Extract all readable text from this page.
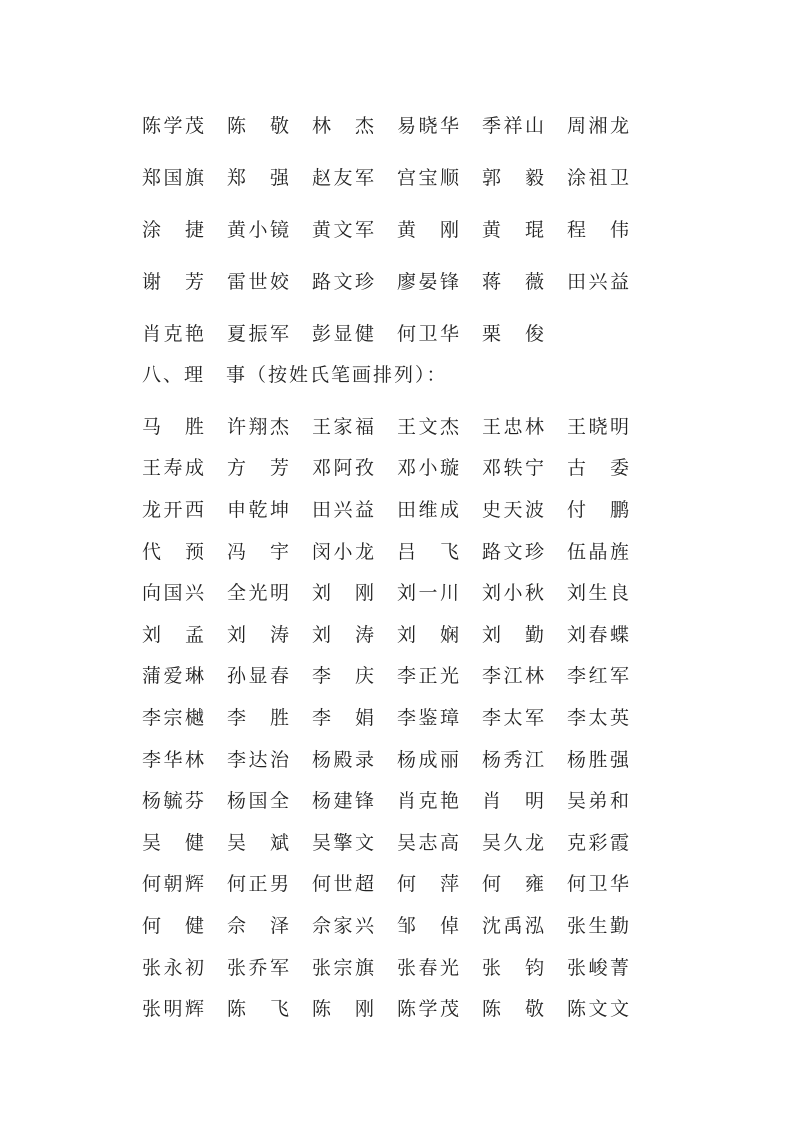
陈学茂 陈 敬 林 杰 易晓华 季祥山 周湘龙
郑国旗 郑 强 赵友军 宫宝顺 郭 毅 涂祖卫
涂 捷 黄小镜 黄文军 黄 刚 黄 琨 程 伟
谢 芳 雷世姣 路文珍 廖晏锋 蒋 薇 田兴益
肖克艳 夏振军 彭显健 何卫华 栗 俊
八、理　事（按姓氏笔画排列）：
马 胜 许翔杰 王家福 王文杰 王忠林 王晓明
王寿成 方 芳 邓阿孜 邓小璇 邓轶宁 古 委
龙开西 申乾坤 田兴益 田维成 史天波 付 鹏
代 预 冯 宇 闵小龙 吕 飞 路文珍 伍晶旌
向国兴 全光明 刘 刚 刘一川 刘小秋 刘生良
刘 孟 刘 涛 刘 涛 刘 娴 刘 勤 刘春蝶
蒲爱琳 孙显春 李 庆 李正光 李江林 李红军
李宗樾 李 胜 李 娟 李鉴璋 李太军 李太英
李华林 李达治 杨殿录 杨成丽 杨秀江 杨胜强
杨毓芬 杨国全 杨建锋 肖克艳 肖 明 吴弟和
吴 健 吴 斌 吴擎文 吴志高 吴久龙 克彩霞
何朝辉 何正男 何世超 何 萍 何 雍 何卫华
何 健 佘 泽 佘家兴 邹 倬 沈禹泓 张生勤
张永初 张乔军 张宗旗 张春光 张 钧 张峻菁
张明辉 陈 飞 陈 刚 陈学茂 陈 敬 陈文文
